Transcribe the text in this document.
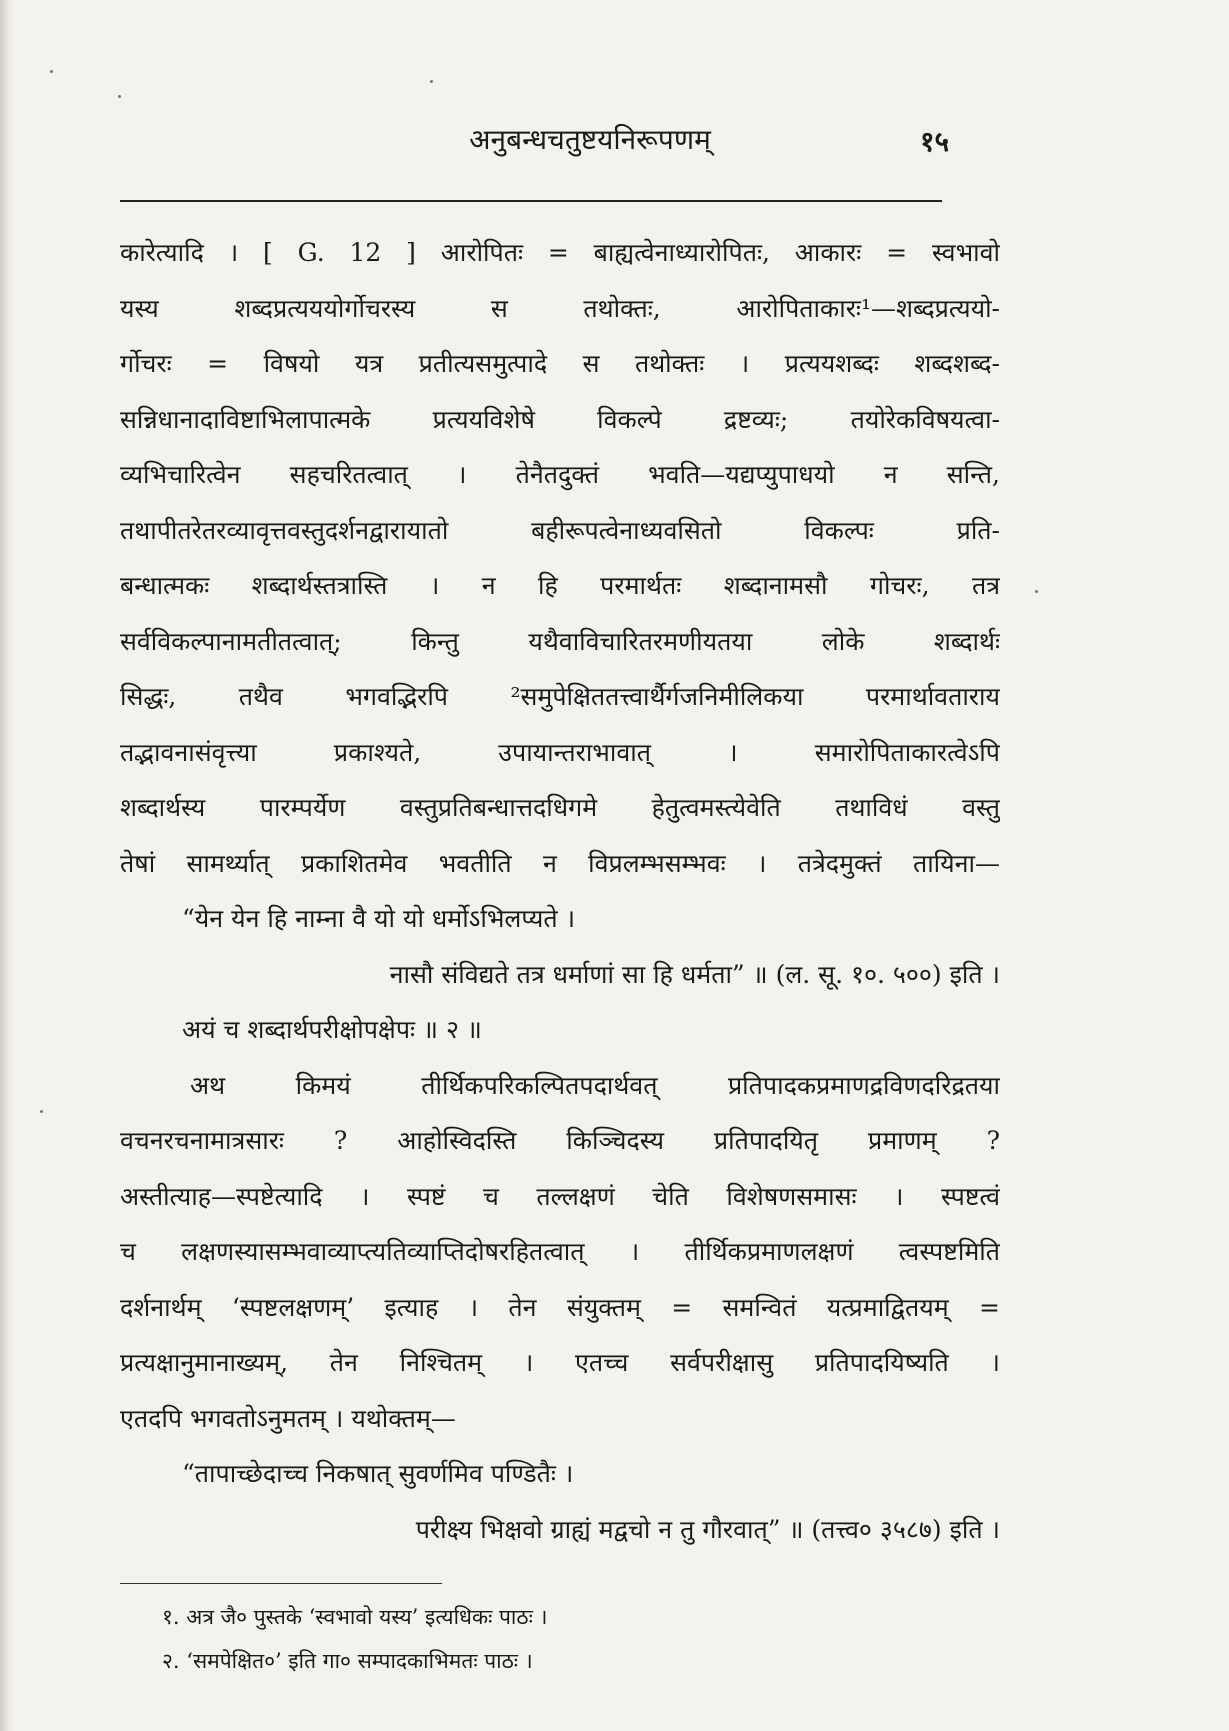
अनुबन्धचतुष्टयनिरूपणम्	१५
कारेत्यादि । [ G. 12 ] आरोपितः = बाह्यत्वेनाध्यारोपितः, आकारः = स्वभावो
यस्य शब्दप्रत्यययोर्गोचरस्य स तथोक्तः, आरोपिताकारः¹—शब्दप्रत्ययो-
र्गोचरः = विषयो यत्र प्रतीत्यसमुत्पादे स तथोक्तः । प्रत्ययशब्दः शब्दशब्द-
सन्निधानादाविष्टाभिलापात्मके प्रत्ययविशेषे विकल्पे द्रष्टव्यः; तयोरेकविषयत्वा-
व्यभिचारित्वेन सहचरितत्वात् । तेनैतदुक्तं भवति—यद्यप्युपाधयो न सन्ति,
तथापीतरेतरव्यावृत्तवस्तुदर्शनद्वारायातो बहीरूपत्वेनाध्यवसितो विकल्पः प्रति-
बन्धात्मकः शब्दार्थस्तत्रास्ति । न हि परमार्थतः शब्दानामसौ गोचरः, तत्र
सर्वविकल्पानामतीतत्वात्; किन्तु यथैवाविचारितरमणीयतया लोके शब्दार्थः
सिद्धः, तथैव भगवद्भिरपि ²समुपेक्षिततत्त्वार्थैर्गजनिमीलिकया परमार्थावताराय
तद्भावनासंवृत्त्या प्रकाश्यते, उपायान्तराभावात् । समारोपिताकारत्वेऽपि
शब्दार्थस्य पारम्पर्येण वस्तुप्रतिबन्धात्तदधिगमे हेतुत्वमस्त्येवेति तथाविधं वस्तु
तेषां सामर्थ्यात् प्रकाशितमेव भवतीति न विप्रलम्भसम्भवः । तत्रेदमुक्तं तायिना—
“येन येन हि नाम्ना वै यो यो धर्मोऽभिलप्यते ।
नासौ संविद्यते तत्र धर्माणां सा हि धर्मता” ॥ (ल. सू. १०. ५००) इति ।
अयं च शब्दार्थपरीक्षोपक्षेपः ॥ २ ॥
अथ किमयं तीर्थिकपरिकल्पितपदार्थवत् प्रतिपादकप्रमाणद्रविणदरिद्रतया
वचनरचनामात्रसारः ? आहोस्विदस्ति किञ्चिदस्य प्रतिपादयितृ प्रमाणम् ?
अस्तीत्याह—स्पष्टेत्यादि । स्पष्टं च तल्लक्षणं चेति विशेषणसमासः । स्पष्टत्वं
च लक्षणस्यासम्भवाव्याप्त्यतिव्याप्तिदोषरहितत्वात् । तीर्थिकप्रमाणलक्षणं त्वस्पष्टमिति
दर्शनार्थम् ‘स्पष्टलक्षणम्’ इत्याह । तेन संयुक्तम् = समन्वितं यत्प्रमाद्वितयम् =
प्रत्यक्षानुमानाख्यम्, तेन निश्चितम् । एतच्च सर्वपरीक्षासु प्रतिपादयिष्यति ।
एतदपि भगवतोऽनुमतम् । यथोक्तम्—
“तापाच्छेदाच्च निकषात् सुवर्णमिव पण्डितैः ।
परीक्ष्य भिक्षवो ग्राह्यं मद्वचो न तु गौरवात्” ॥ (तत्त्व० ३५८७) इति ।
१. अत्र जै० पुस्तके ‘स्वभावो यस्य’ इत्यधिकः पाठः ।
२. ‘समपेक्षित०’ इति गा० सम्पादकाभिमतः पाठः ।
